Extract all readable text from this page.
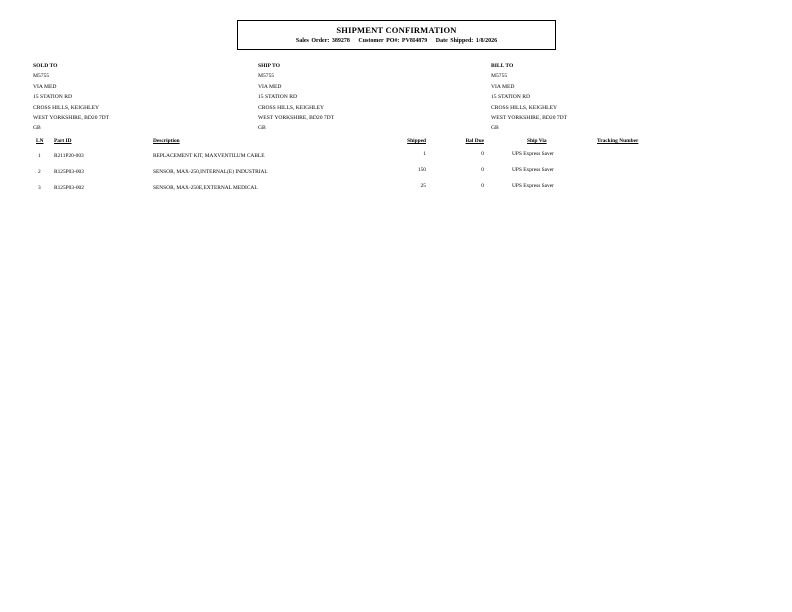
SHIPMENT CONFIRMATION
Sales Order: 389278 Customer PO#: PV8I4879 Date Shipped: 1/8/2026
SOLD TO
M5755
VIA MED
15 STATION RD
CROSS HILLS, KEIGHLEY
WEST YORKSHIRE, BD20 7DT
GB
SHIP TO
M5755
VIA MED
15 STATION RD
CROSS HILLS, KEIGHLEY
WEST YORKSHIRE, BD20 7DT
GB
BILL TO
M5755
VIA MED
15 STATION RD
CROSS HILLS, KEIGHLEY
WEST YORKSHIRE, BD20 7DT
GB
LN Part ID	Description	Shipped	Bal Due	Ship Via	Tracking Number
1 R211P20-003	REPLACEMENT KIT, MAXVENTILUM CABLE	1	0	UPS Express Saver
2 R125P03-003	SENSOR, MAX-250,INTERNAL(E) INDUSTRIAL	150	0	UPS Express Saver
3 R125P03-002	SENSOR, MAX-250E,EXTERNAL MEDICAL	25	0	UPS Express Saver
